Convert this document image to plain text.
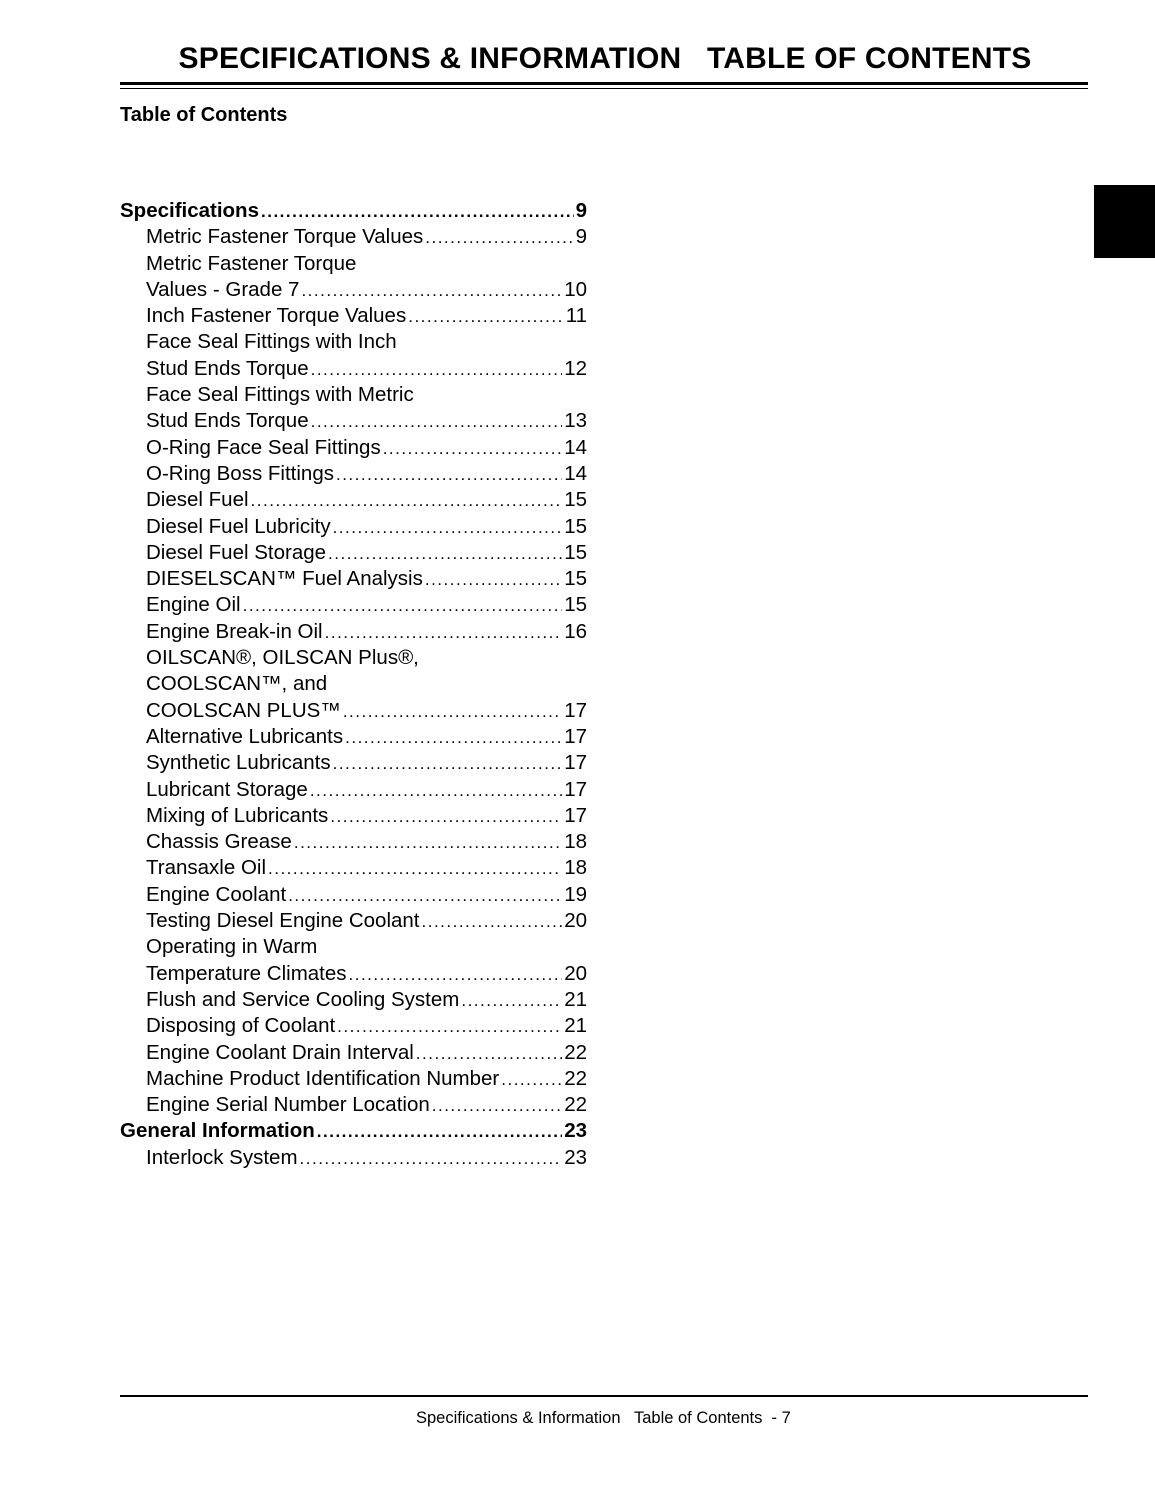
SPECIFICATIONS & INFORMATION   TABLE OF CONTENTS
Table of Contents
Specifications .....	9
Metric Fastener Torque Values .....	9
Metric Fastener Torque
Values - Grade 7 .....	10
Inch Fastener Torque Values .....	11
Face Seal Fittings with Inch
Stud Ends Torque .....	12
Face Seal Fittings with Metric
Stud Ends Torque .....	13
O-Ring Face Seal Fittings .....	14
O-Ring Boss Fittings .....	14
Diesel Fuel .....	15
Diesel Fuel Lubricity .....	15
Diesel Fuel Storage .....	15
DIESELSCAN™ Fuel Analysis .....	15
Engine Oil .....	15
Engine Break-in Oil .....	16
OILSCAN®, OILSCAN Plus®,
COOLSCAN™, and
COOLSCAN PLUS™ .....	17
Alternative Lubricants .....	17
Synthetic Lubricants .....	17
Lubricant Storage .....	17
Mixing of Lubricants .....	17
Chassis Grease .....	18
Transaxle Oil .....	18
Engine Coolant .....	19
Testing Diesel Engine Coolant .....	20
Operating in Warm
Temperature Climates .....	20
Flush and Service Cooling System .....	21
Disposing of Coolant .....	21
Engine Coolant Drain Interval .....	22
Machine Product Identification Number .....	22
Engine Serial Number Location .....	22
General Information .....	23
Interlock System .....	23
Specifications & Information   Table of Contents  - 7
